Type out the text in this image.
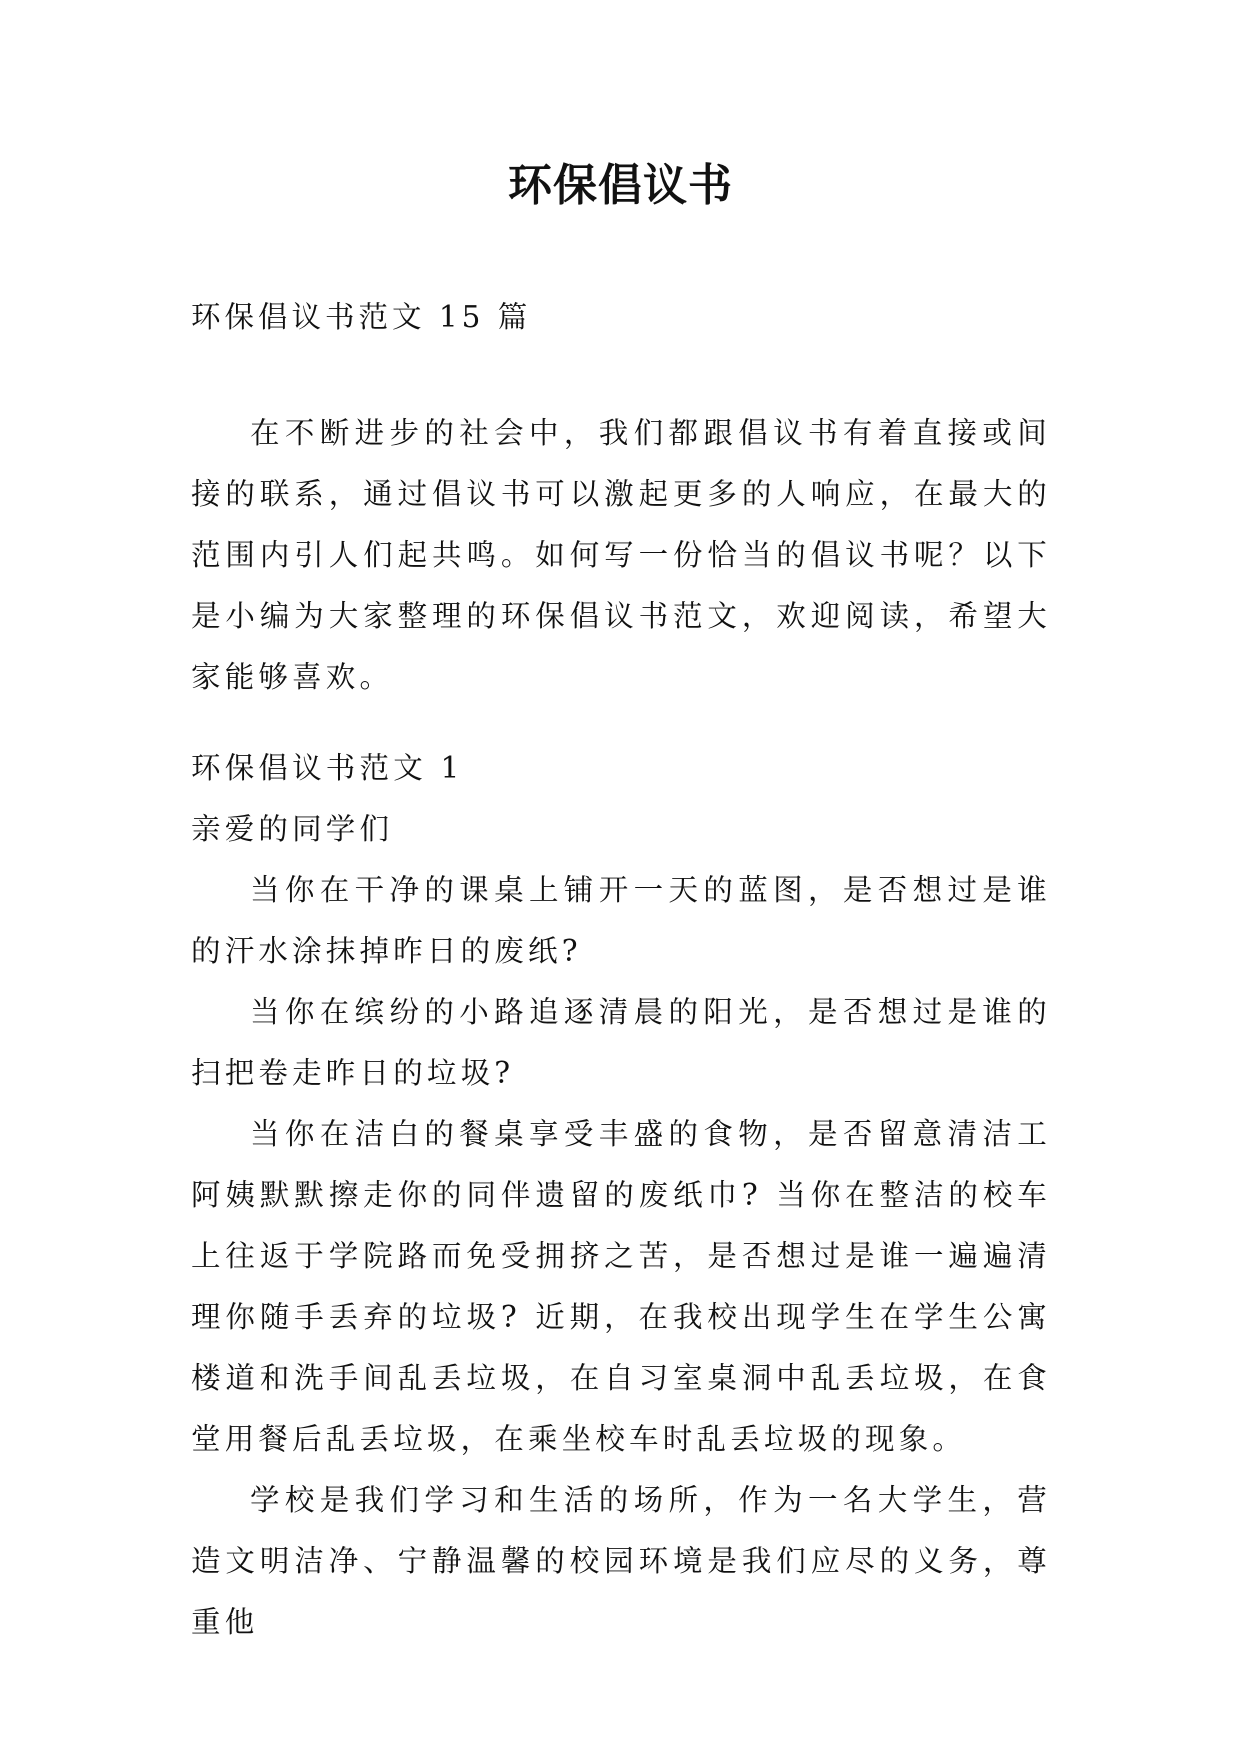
环保倡议书
环保倡议书范文 15 篇

在不断进步的社会中，我们都跟倡议书有着直接或间接的联系，通过倡议书可以激起更多的人响应，在最大的范围内引人们起共鸣。如何写一份恰当的倡议书呢？以下是小编为大家整理的环保倡议书范文，欢迎阅读，希望大家能够喜欢。

环保倡议书范文 1

亲爱的同学们

当你在干净的课桌上铺开一天的蓝图，是否想过是谁的汗水涂抹掉昨日的废纸?

当你在缤纷的小路追逐清晨的阳光，是否想过是谁的扫把卷走昨日的垃圾?

当你在洁白的餐桌享受丰盛的食物，是否留意清洁工阿姨默默擦走你的同伴遗留的废纸巾? 当你在整洁的校车上往返于学院路而免受拥挤之苦，是否想过是谁一遍遍清理你随手丢弃的垃圾? 近期，在我校出现学生在学生公寓楼道和洗手间乱丢垃圾，在自习室桌洞中乱丢垃圾，在食堂用餐后乱丢垃圾，在乘坐校车时乱丢垃圾的现象。

学校是我们学习和生活的场所，作为一名大学生，营造文明洁净、宁静温馨的校园环境是我们应尽的义务，尊重他
